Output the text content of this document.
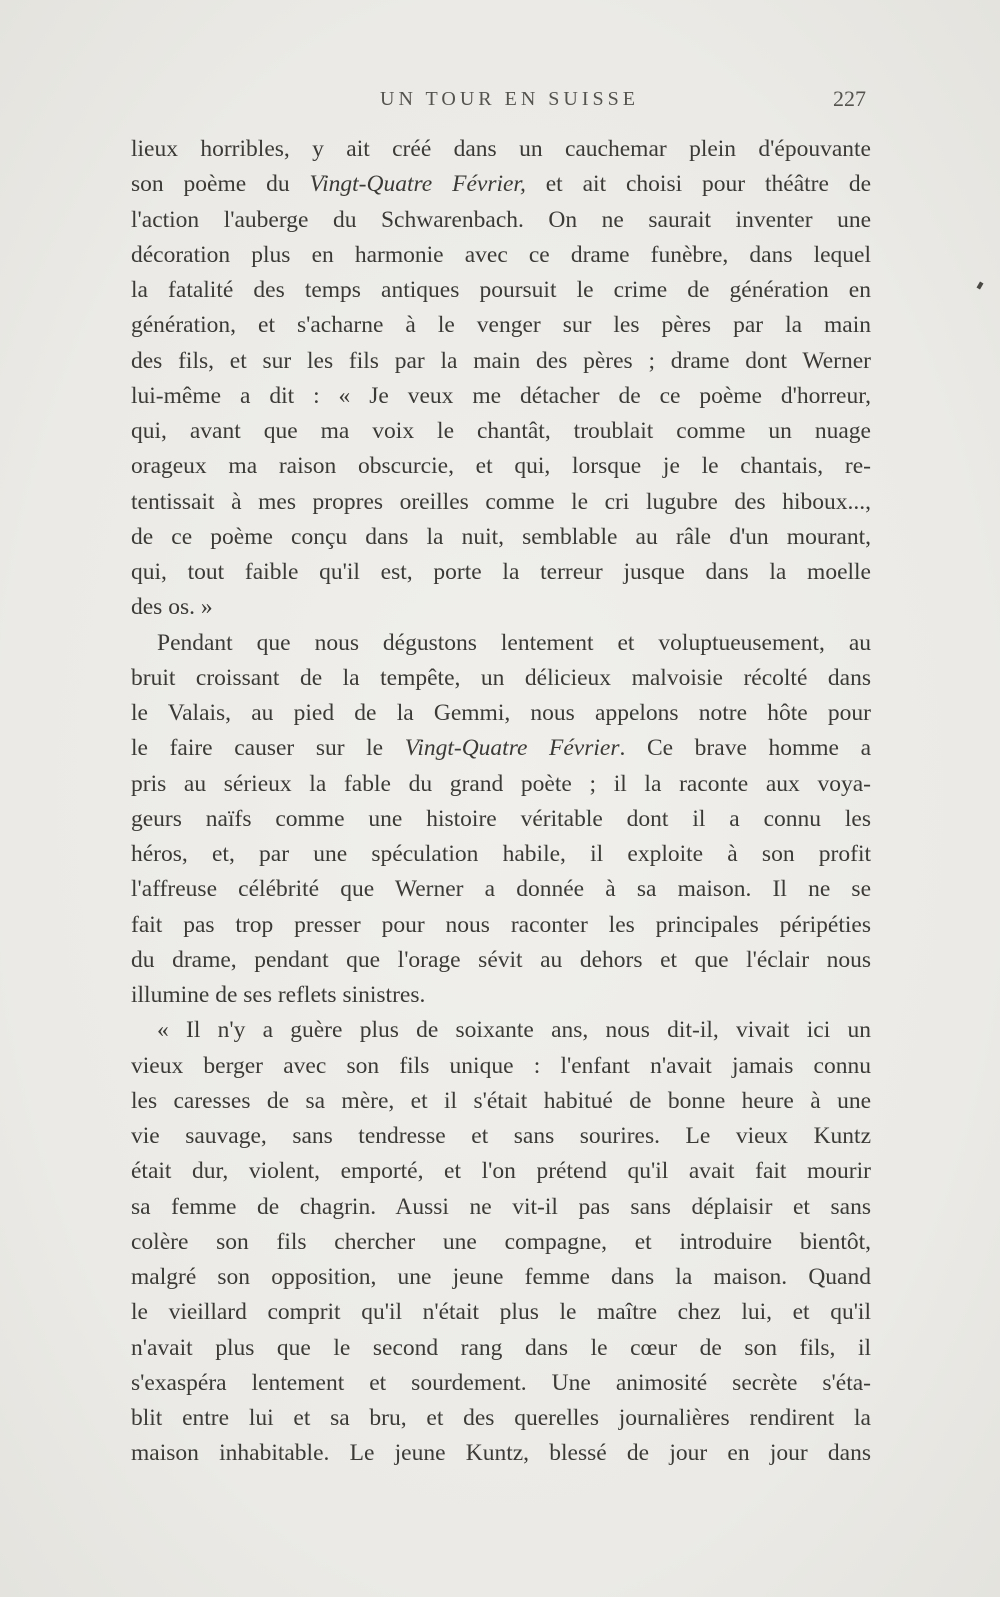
UN TOUR EN SUISSE	227
lieux horribles, y ait créé dans un cauchemar plein d'épouvante
son poème du Vingt-Quatre Février, et ait choisi pour théâtre de
l'action l'auberge du Schwarenbach. On ne saurait inventer une
décoration plus en harmonie avec ce drame funèbre, dans lequel
la fatalité des temps antiques poursuit le crime de génération en
génération, et s'acharne à le venger sur les pères par la main
des fils, et sur les fils par la main des pères ; drame dont Werner
lui-même a dit : « Je veux me détacher de ce poème d'horreur,
qui, avant que ma voix le chantât, troublait comme un nuage
orageux ma raison obscurcie, et qui, lorsque je le chantais, re-
tentissait à mes propres oreilles comme le cri lugubre des hiboux...,
de ce poème conçu dans la nuit, semblable au râle d'un mourant,
qui, tout faible qu'il est, porte la terreur jusque dans la moelle
des os. »
Pendant que nous dégustons lentement et voluptueusement, au
bruit croissant de la tempête, un délicieux malvoisie récolté dans
le Valais, au pied de la Gemmi, nous appelons notre hôte pour
le faire causer sur le Vingt-Quatre Février. Ce brave homme a
pris au sérieux la fable du grand poète ; il la raconte aux voya-
geurs naïfs comme une histoire véritable dont il a connu les
héros, et, par une spéculation habile, il exploite à son profit
l'affreuse célébrité que Werner a donnée à sa maison. Il ne se
fait pas trop presser pour nous raconter les principales péripéties
du drame, pendant que l'orage sévit au dehors et que l'éclair nous
illumine de ses reflets sinistres.
« Il n'y a guère plus de soixante ans, nous dit-il, vivait ici un
vieux berger avec son fils unique : l'enfant n'avait jamais connu
les caresses de sa mère, et il s'était habitué de bonne heure à une
vie sauvage, sans tendresse et sans sourires. Le vieux Kuntz
était dur, violent, emporté, et l'on prétend qu'il avait fait mourir
sa femme de chagrin. Aussi ne vit-il pas sans déplaisir et sans
colère son fils chercher une compagne, et introduire bientôt,
malgré son opposition, une jeune femme dans la maison. Quand
le vieillard comprit qu'il n'était plus le maître chez lui, et qu'il
n'avait plus que le second rang dans le cœur de son fils, il
s'exaspéra lentement et sourdement. Une animosité secrète s'éta-
blit entre lui et sa bru, et des querelles journalières rendirent la
maison inhabitable. Le jeune Kuntz, blessé de jour en jour dans
